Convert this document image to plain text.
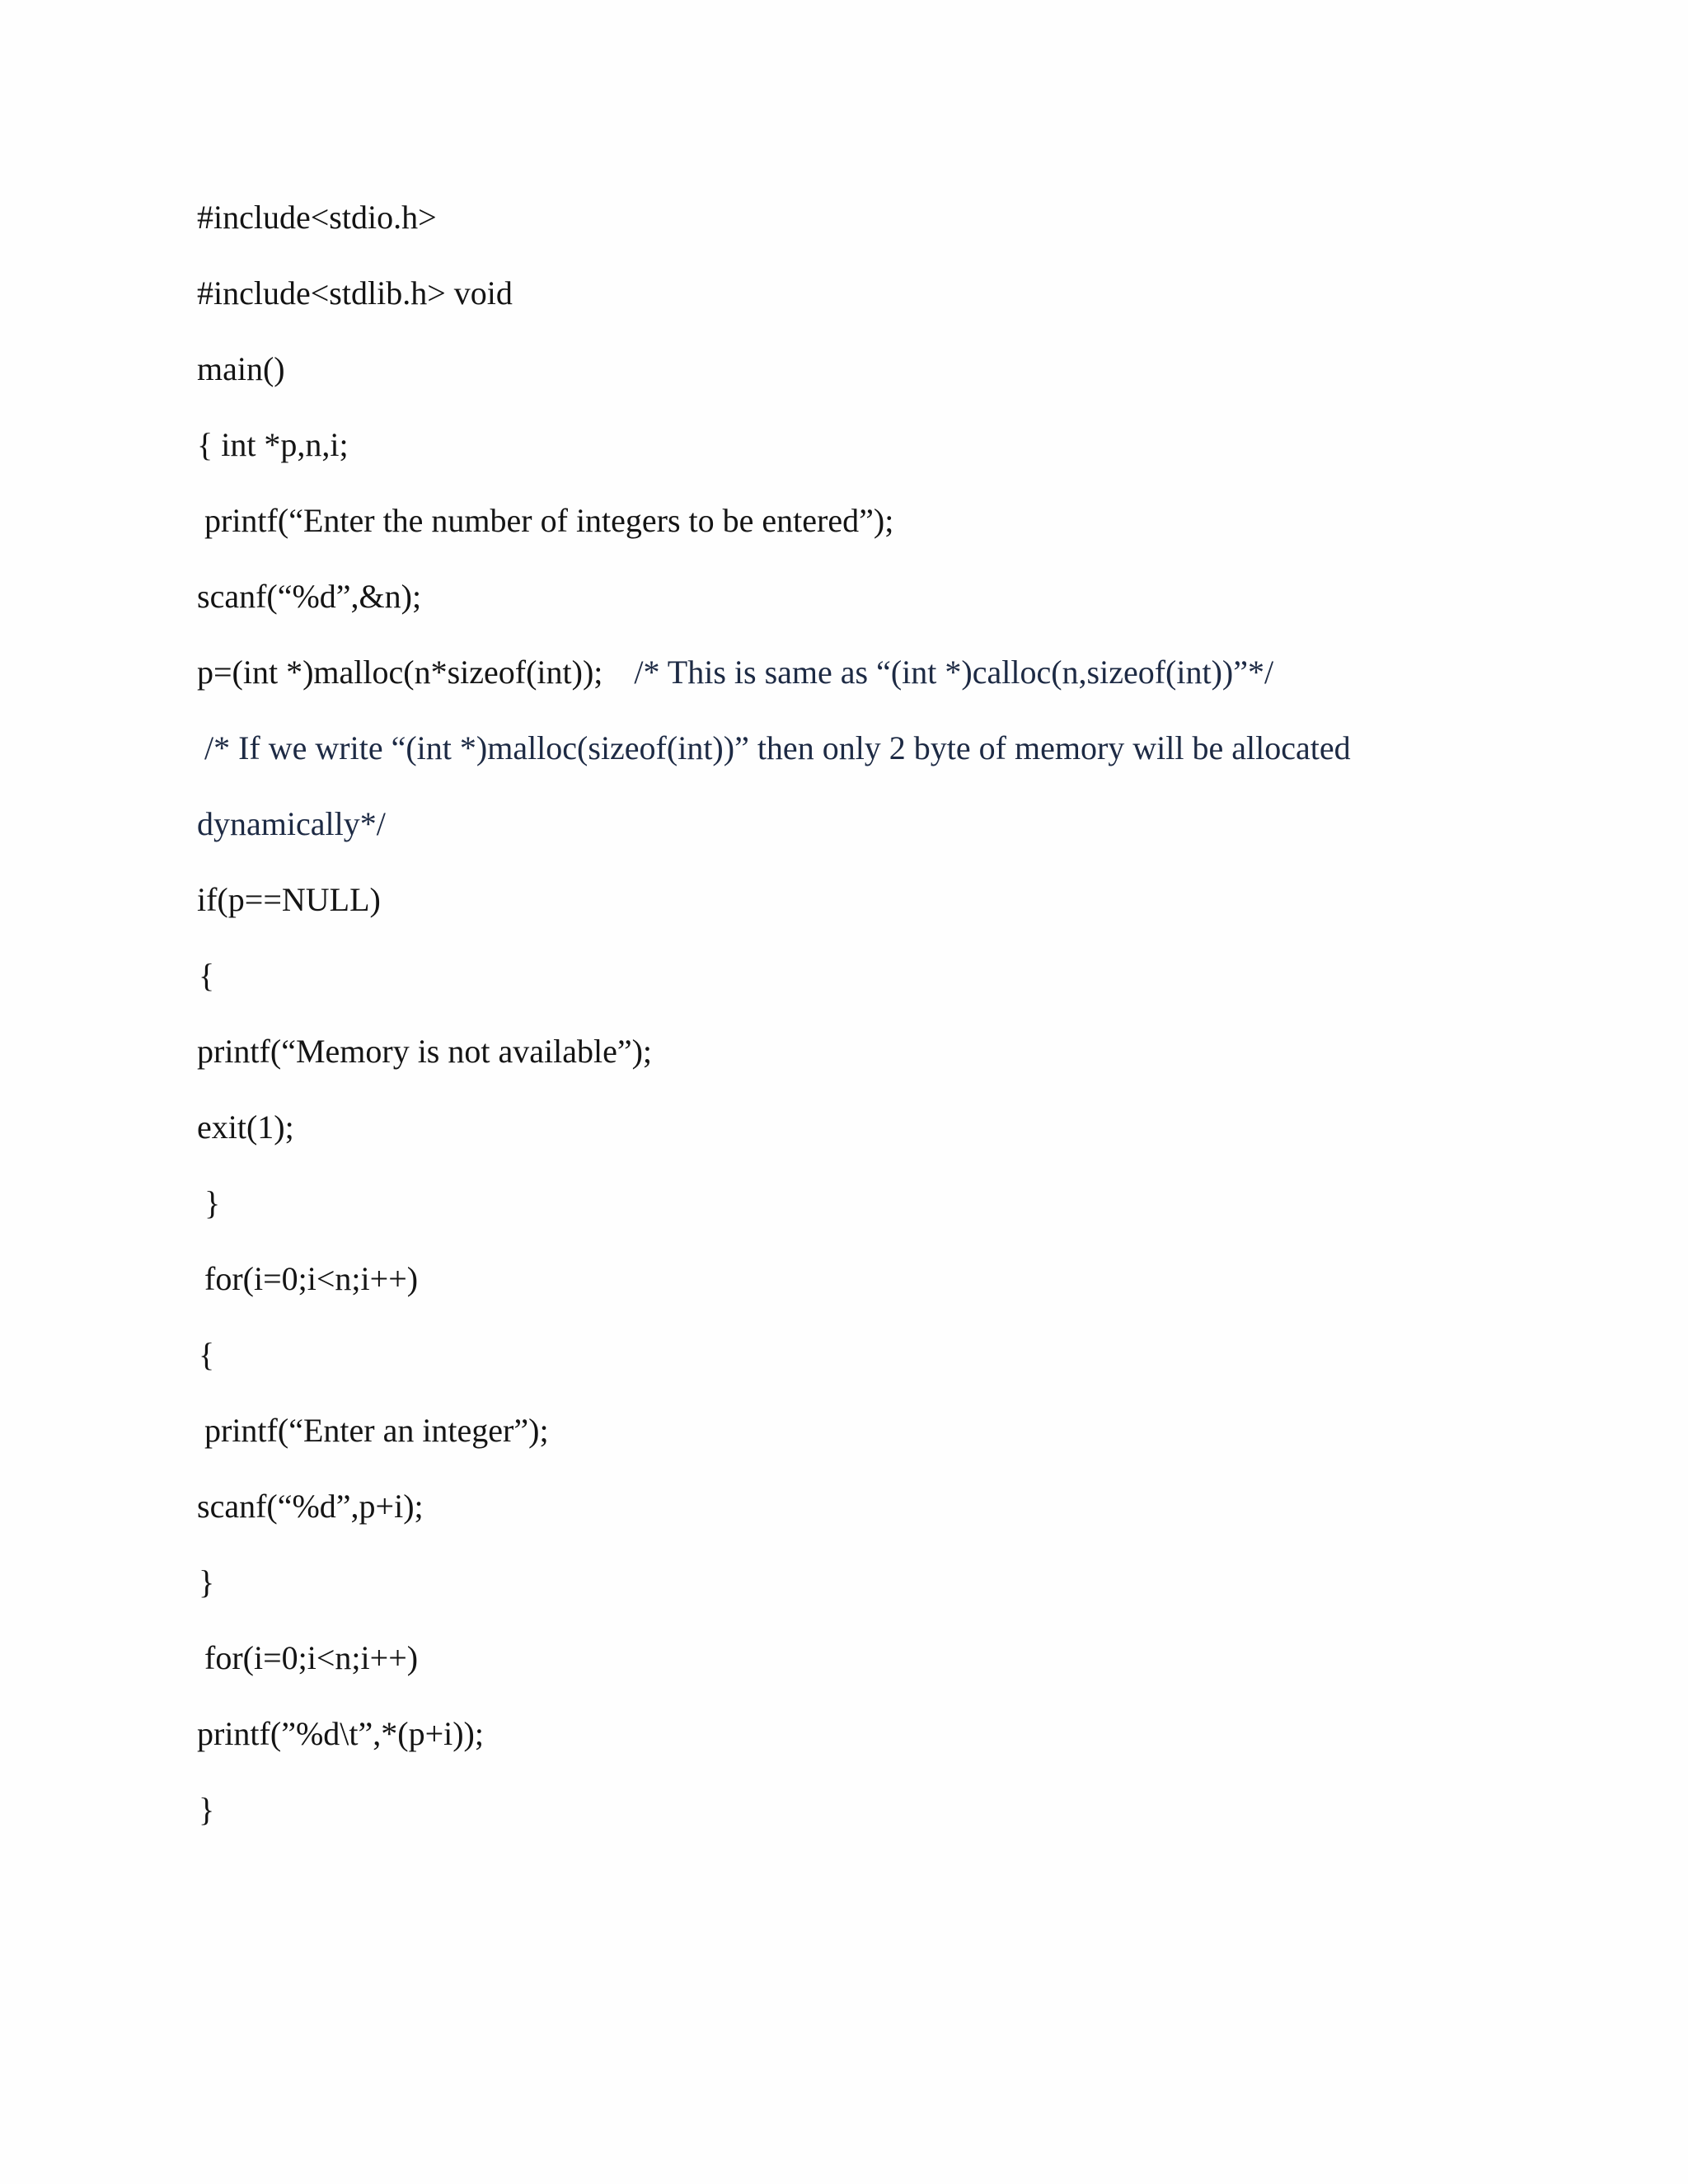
#include<stdio.h>
#include<stdlib.h> void
main()
{ int *p,n,i;
printf(“Enter the number of integers to be entered”);
scanf(“%d”,&n);
p=(int *)malloc(n*sizeof(int)); /* This is same as “(int *)calloc(n,sizeof(int))”*/
/* If we write “(int *)malloc(sizeof(int))” then only 2 byte of memory will be allocated
dynamically*/
if(p==NULL)
{
printf(“Memory is not available”);
exit(1);
}
for(i=0;i<n;i++)
{
printf(“Enter an integer”);
scanf(“%d”,p+i);
}
for(i=0;i<n;i++)
printf(”%d\t”,*(p+i));
}
